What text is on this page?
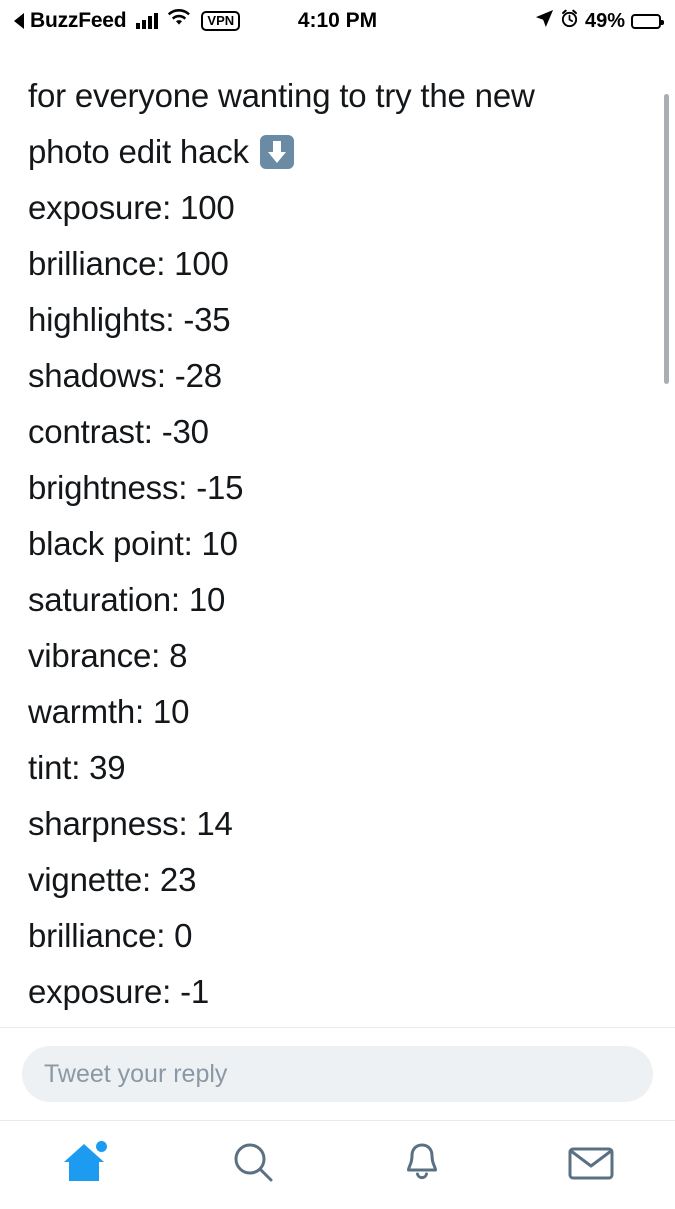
BuzzFeed	VPN	4:10 PM	49%
for everyone wanting to try the new
photo edit hack
exposure: 100
brilliance: 100
highlights: -35
shadows: -28
contrast: -30
brightness: -15
black point: 10
saturation: 10
vibrance: 8
warmth: 10
tint: 39
sharpness: 14
vignette: 23
brilliance: 0
exposure: -1
Tweet your reply
